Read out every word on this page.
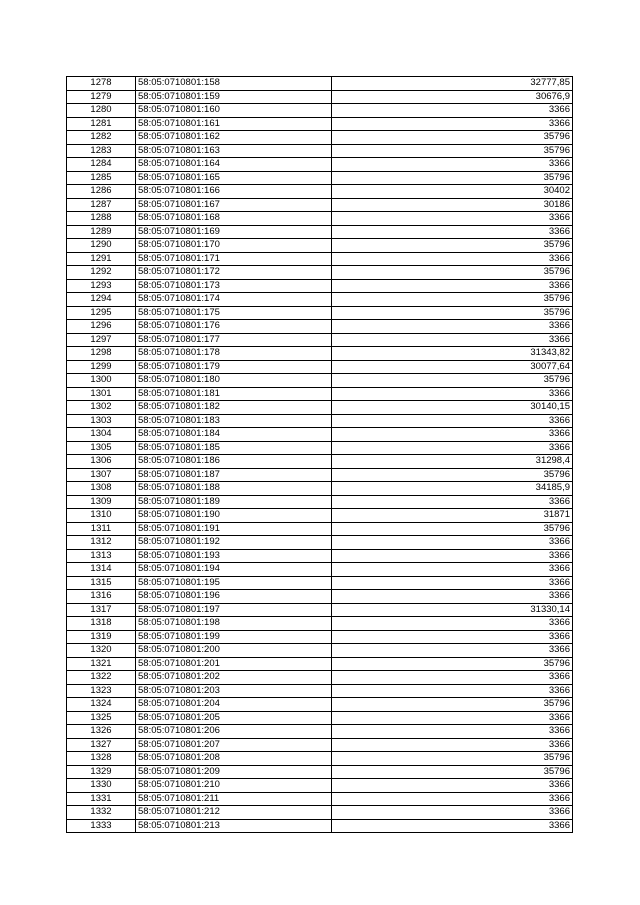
1278	58:05:0710801:158	32777,85
1279	58:05:0710801:159	30676,9
1280	58:05:0710801:160	3366
1281	58:05:0710801:161	3366
1282	58:05:0710801:162	35796
1283	58:05:0710801:163	35796
1284	58:05:0710801:164	3366
1285	58:05:0710801:165	35796
1286	58:05:0710801:166	30402
1287	58:05:0710801:167	30186
1288	58:05:0710801:168	3366
1289	58:05:0710801:169	3366
1290	58:05:0710801:170	35796
1291	58:05:0710801:171	3366
1292	58:05:0710801:172	35796
1293	58:05:0710801:173	3366
1294	58:05:0710801:174	35796
1295	58:05:0710801:175	35796
1296	58:05:0710801:176	3366
1297	58:05:0710801:177	3366
1298	58:05:0710801:178	31343,82
1299	58:05:0710801:179	30077,64
1300	58:05:0710801:180	35796
1301	58:05:0710801:181	3366
1302	58:05:0710801:182	30140,15
1303	58:05:0710801:183	3366
1304	58:05:0710801:184	3366
1305	58:05:0710801:185	3366
1306	58:05:0710801:186	31298,4
1307	58:05:0710801:187	35796
1308	58:05:0710801:188	34185,9
1309	58:05:0710801:189	3366
1310	58:05:0710801:190	31871
1311	58:05:0710801:191	35796
1312	58:05:0710801:192	3366
1313	58:05:0710801:193	3366
1314	58:05:0710801:194	3366
1315	58:05:0710801:195	3366
1316	58:05:0710801:196	3366
1317	58:05:0710801:197	31330,14
1318	58:05:0710801:198	3366
1319	58:05:0710801:199	3366
1320	58:05:0710801:200	3366
1321	58:05:0710801:201	35796
1322	58:05:0710801:202	3366
1323	58:05:0710801:203	3366
1324	58:05:0710801:204	35796
1325	58:05:0710801:205	3366
1326	58:05:0710801:206	3366
1327	58:05:0710801:207	3366
1328	58:05:0710801:208	35796
1329	58:05:0710801:209	35796
1330	58:05:0710801:210	3366
1331	58:05:0710801:211	3366
1332	58:05:0710801:212	3366
1333	58:05:0710801:213	3366
